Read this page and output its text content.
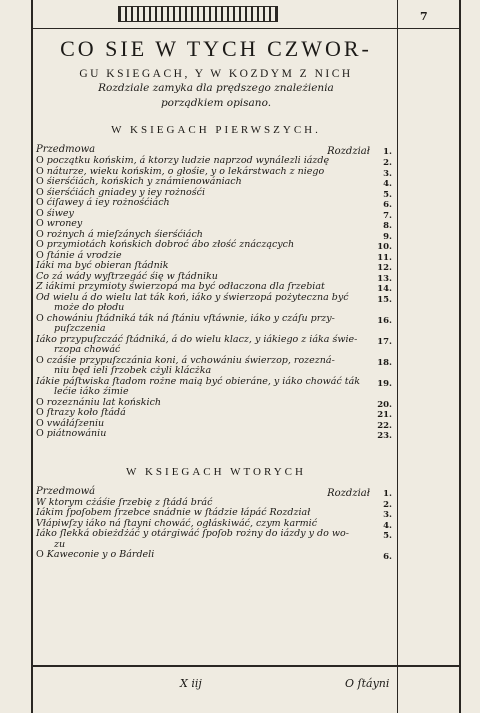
7
CO SIE W TYCH CZWOR-
GU KSIEGACH, Y W KOZDYM Z NICH
Rozdziale zamyka dla prędszego znależienia
porządkiem opisano.
W KSIEGACH PIERWSZYCH.
Przedmowa	Rozdział 1.
O początku końskim, á ktorzy ludzie naprzod wynálezli iázdę	2.
O náturze, wieku końskim, o głośie, y o lekárstwach z niego	3.
O śierśćiách, końskich y známienowániach	4.
O śierśćiách gniadey y iey rożnośći	5.
O ćiſawey á iey rożnośćiách	6.
O śiwey	7.
O wroney	8.
O rożnych á mieſzánych śierśćiách	9.
O przymiotách końskich dobroć ábo złość znáczących	10.
O ſtánie á vrodzie	11.
Iáki ma być obieran ſtádnik	12.
Co zá wády wyſtrzegáć śię w ſtádniku	13.
Z iákimi przymioty świerzopá ma być odłaczona dla ſrzebiat	14.
Od wielu á do wielu lat ták koń, iáko y świerzopá pożyteczna być
może do płodu
15.
O chowániu ſtádniká ták ná ſtániu vſtáwnie, iáko y czáſu przy-
puſzczenia
16.
Iáko przypuſzczáć ſtádniká, á do wielu klacz, y iákiego z iáka świe-
rzopa chowáć
17.
O czáśie przypuſzczánia koni, á vchowániu świerzop, rozezná-
niu będ ieli ſrzobek cżyli klácżka
18.
Iákie páſtwiska ſtadom rożne maią być obieráne, y iáko chowáć ták
lećie iáko źimie
19.
O rozeznániu lat końskich	20.
O ſtrazy koło ſtádá	21.
O vwáłáſzeniu	22.
O piátnowániu	23.
W KSIEGACH WTORYCH
Przedmowá	Rozdział 1.
W ktorym cżáśie ſrzebię z ſtádá bráć	2.
Iákim ſpoſobem ſrzebce snádnie w ſtádzie łápáć Rozdział	3.
Vłápiwſzy iáko ná ſtayni chowáć, ogłáskiwáć, czym karmić	4.
Iáko ſlekká obieżdżáć y otárgiwáć ſpoſob rożny do iázdy y do wo-
zu
5.
O Kaweconie y o Bárdeli	6.
X iij	O ſtáyni
